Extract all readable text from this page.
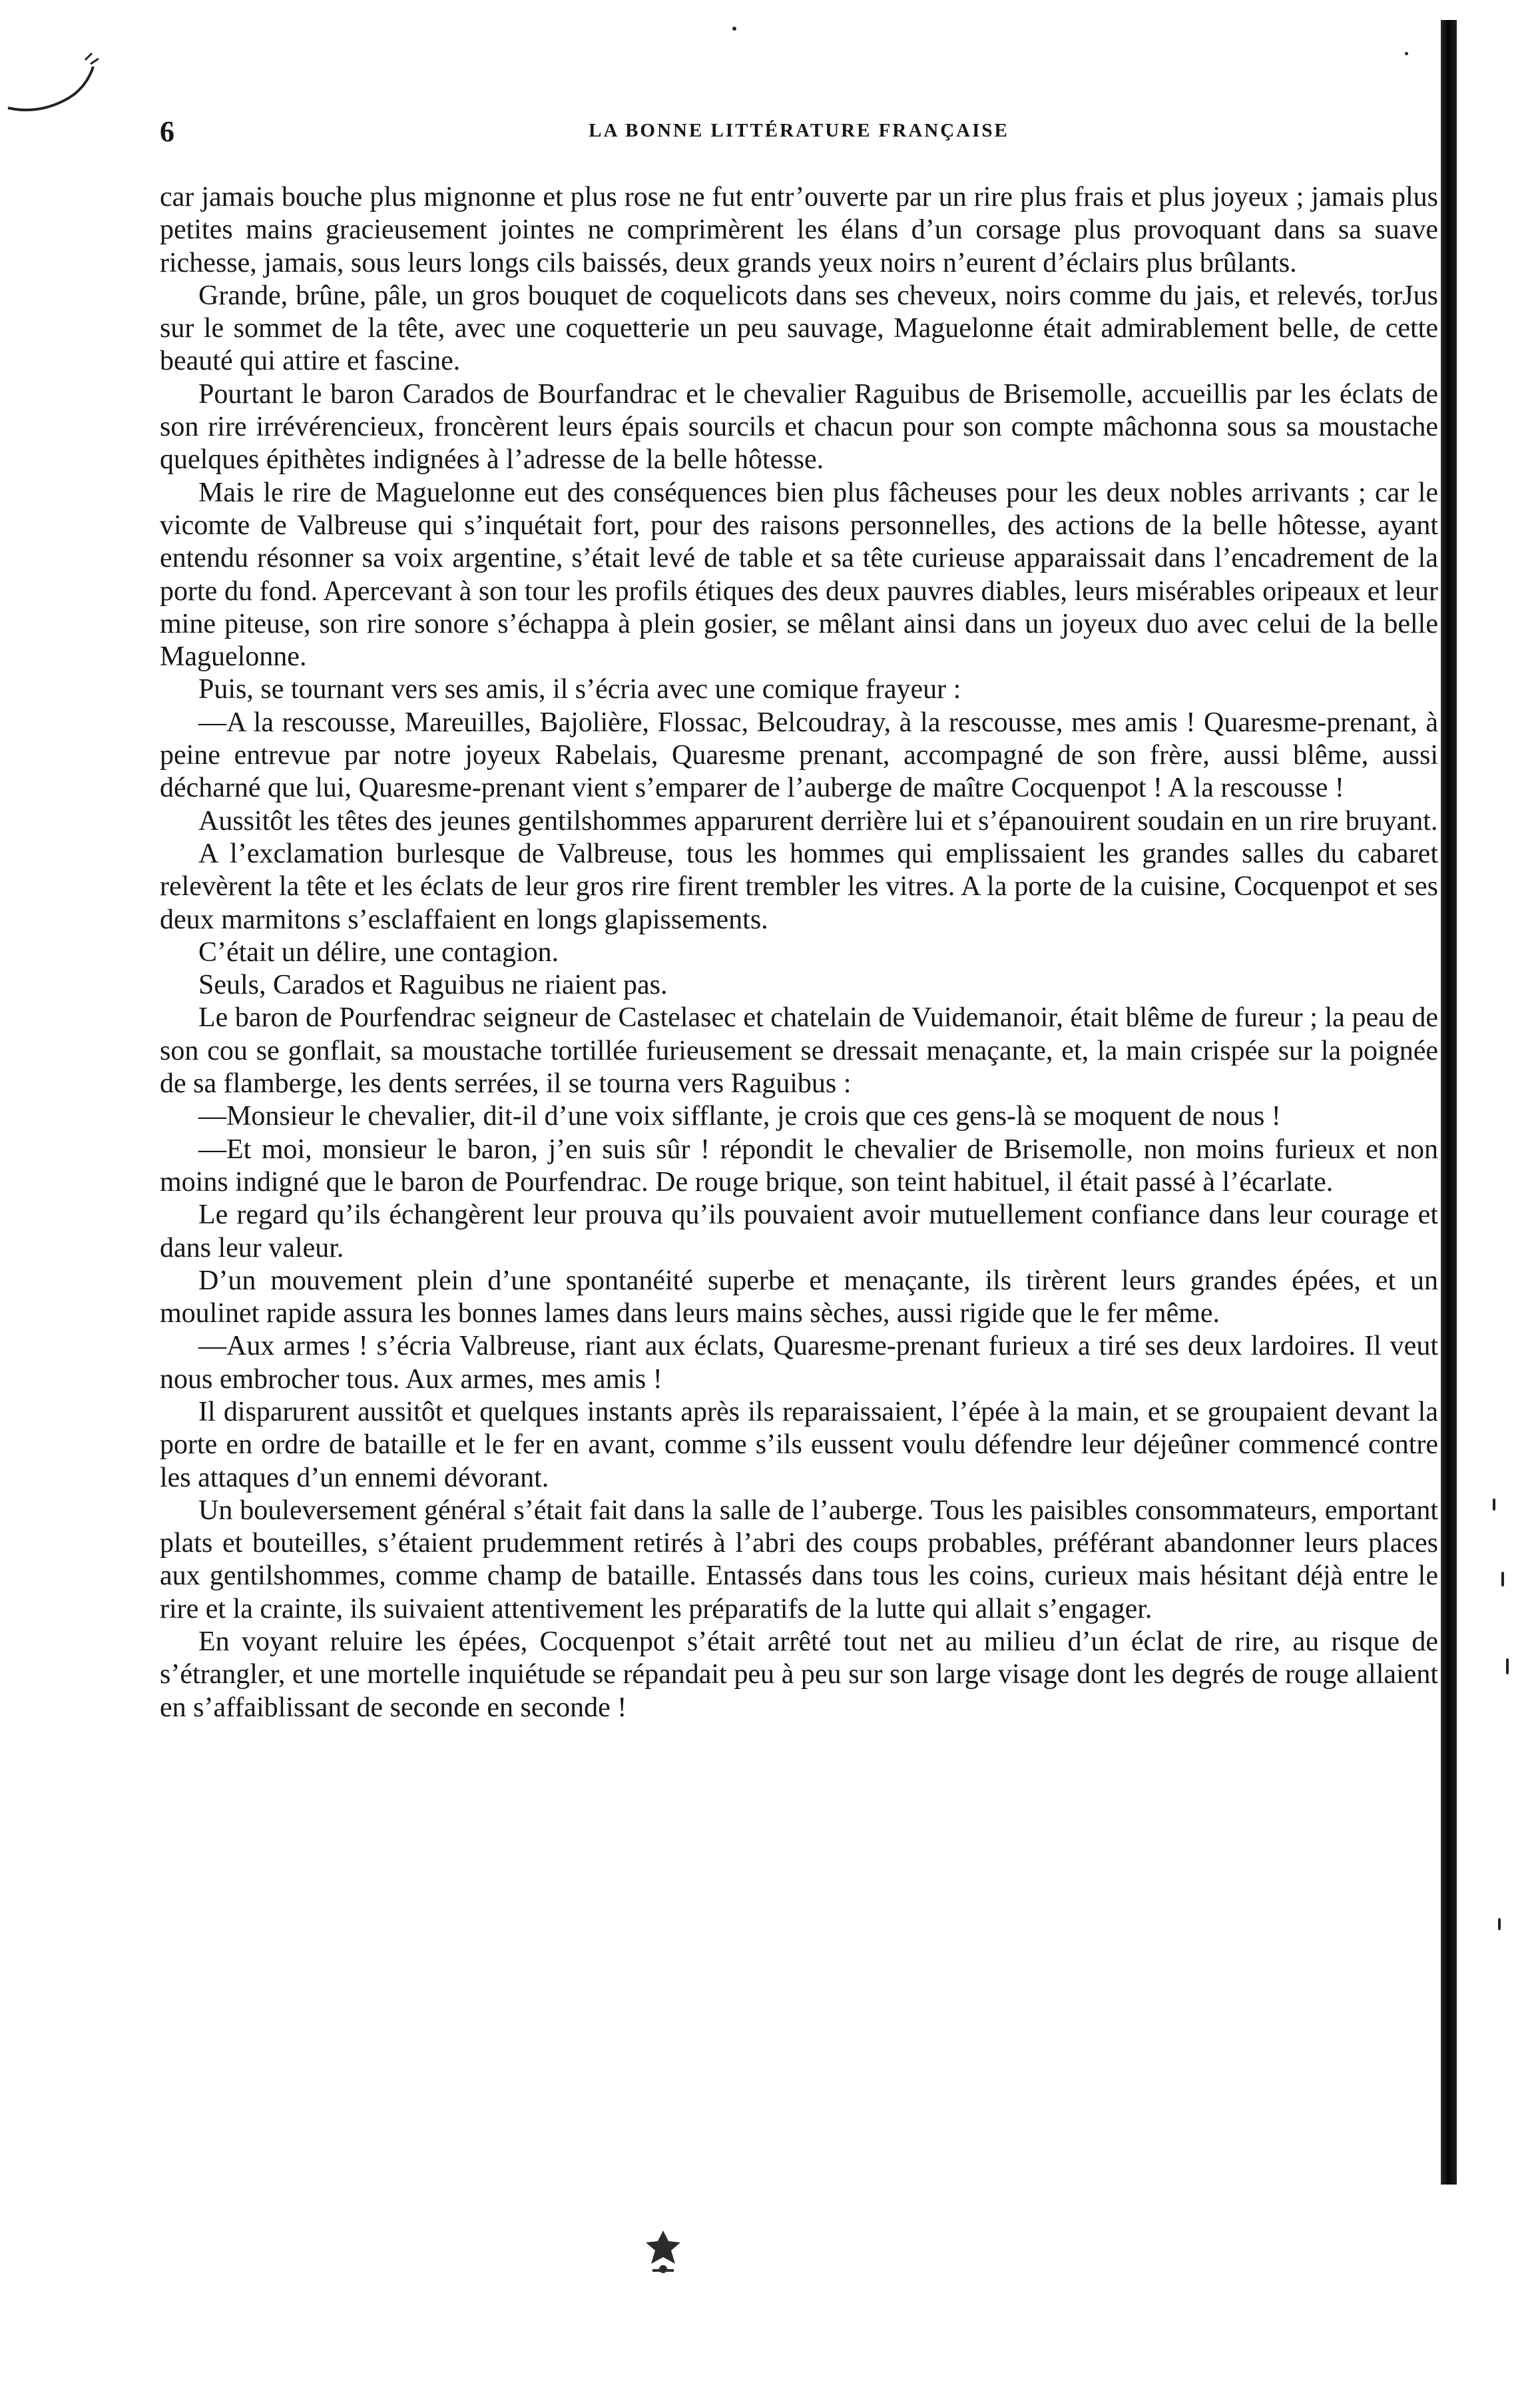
6	LA BONNE LITTÉRATURE FRANÇAISE

car jamais bouche plus mignonne et plus rose ne fut entr’ouverte par un rire plus frais et plus joyeux ; jamais plus petites mains gracieusement jointes ne comprimèrent les élans d’un corsage plus provoquant dans sa suave richesse, jamais, sous leurs longs cils baissés, deux grands yeux noirs n’eurent d’éclairs plus brûlants.

Grande, brûne, pâle, un gros bouquet de coquelicots dans ses cheveux, noirs comme du jais, et relevés, torJus sur le sommet de la tête, avec une coquetterie un peu sauvage, Maguelonne était admirablement belle, de cette beauté qui attire et fascine.

Pourtant le baron Carados de Bourfandrac et le chevalier Raguibus de Brisemolle, accueillis par les éclats de son rire irrévérencieux, froncèrent leurs épais sourcils et chacun pour son compte mâchonna sous sa moustache quelques épithètes indignées à l’adresse de la belle hôtesse.

Mais le rire de Maguelonne eut des conséquences bien plus fâcheuses pour les deux nobles arrivants ; car le vicomte de Valbreuse qui s’inquétait fort, pour des raisons personnelles, des actions de la belle hôtesse, ayant entendu résonner sa voix argentine, s’était levé de table et sa tête curieuse apparaissait dans l’encadrement de la porte du fond. Apercevant à son tour les profils étiques des deux pauvres diables, leurs misérables oripeaux et leur mine piteuse, son rire sonore s’échappa à plein gosier, se mêlant ainsi dans un joyeux duo avec celui de la belle Maguelonne.

Puis, se tournant vers ses amis, il s’écria avec une comique frayeur :

—A la rescousse, Mareuilles, Bajolière, Flossac, Belcoudray, à la rescousse, mes amis ! Quaresme-prenant, à peine entrevue par notre joyeux Rabelais, Quaresme prenant, accompagné de son frère, aussi blême, aussi décharné que lui, Quaresme-prenant vient s’emparer de l’auberge de maître Cocquenpot ! A la rescousse !

Aussitôt les têtes des jeunes gentilshommes apparurent derrière lui et s’épanouirent soudain en un rire bruyant.

A l’exclamation burlesque de Valbreuse, tous les hommes qui emplissaient les grandes salles du cabaret relevèrent la tête et les éclats de leur gros rire firent trembler les vitres. A la porte de la cuisine, Cocquenpot et ses deux marmitons s’esclaffaient en longs glapissements.

C’était un délire, une contagion.

Seuls, Carados et Raguibus ne riaient pas.

Le baron de Pourfendrac seigneur de Castelasec et chatelain de Vuidemanoir, était blême de fureur ; la peau de son cou se gonflait, sa moustache tortillée furieusement se dressait menaçante, et, la main crispée sur la poignée de sa flamberge, les dents serrées, il se tourna vers Raguibus :

—Monsieur le chevalier, dit-il d’une voix sifflante, je crois que ces gens-là se moquent de nous !

—Et moi, monsieur le baron, j’en suis sûr ! répondit le chevalier de Brisemolle, non moins furieux et non moins indigné que le baron de Pourfendrac. De rouge brique, son teint habituel, il était passé à l’écarlate.

Le regard qu’ils échangèrent leur prouva qu’ils pouvaient avoir mutuellement confiance dans leur courage et dans leur valeur.

D’un mouvement plein d’une spontanéité superbe et menaçante, ils tirèrent leurs grandes épées, et un moulinet rapide assura les bonnes lames dans leurs mains sèches, aussi rigide que le fer même.

—Aux armes ! s’écria Valbreuse, riant aux éclats, Quaresme-prenant furieux a tiré ses deux lardoires. Il veut nous embrocher tous. Aux armes, mes amis !

Il disparurent aussitôt et quelques instants après ils reparaissaient, l’épée à la main, et se groupaient devant la porte en ordre de bataille et le fer en avant, comme s’ils eussent voulu défendre leur déjeûner commencé contre les attaques d’un ennemi dévorant.

Un bouleversement général s’était fait dans la salle de l’auberge. Tous les paisibles consommateurs, emportant plats et bouteilles, s’étaient prudemment retirés à l’abri des coups probables, préférant abandonner leurs places aux gentilshommes, comme champ de bataille. Entassés dans tous les coins, curieux mais hésitant déjà entre le rire et la crainte, ils suivaient attentivement les préparatifs de la lutte qui allait s’engager.

En voyant reluire les épées, Cocquenpot s’était arrêté tout net au milieu d’un éclat de rire, au risque de s’étrangler, et une mortelle inquiétude se répandait peu à peu sur son large visage dont les degrés de rouge allaient en s’affaiblissant de seconde en seconde !
